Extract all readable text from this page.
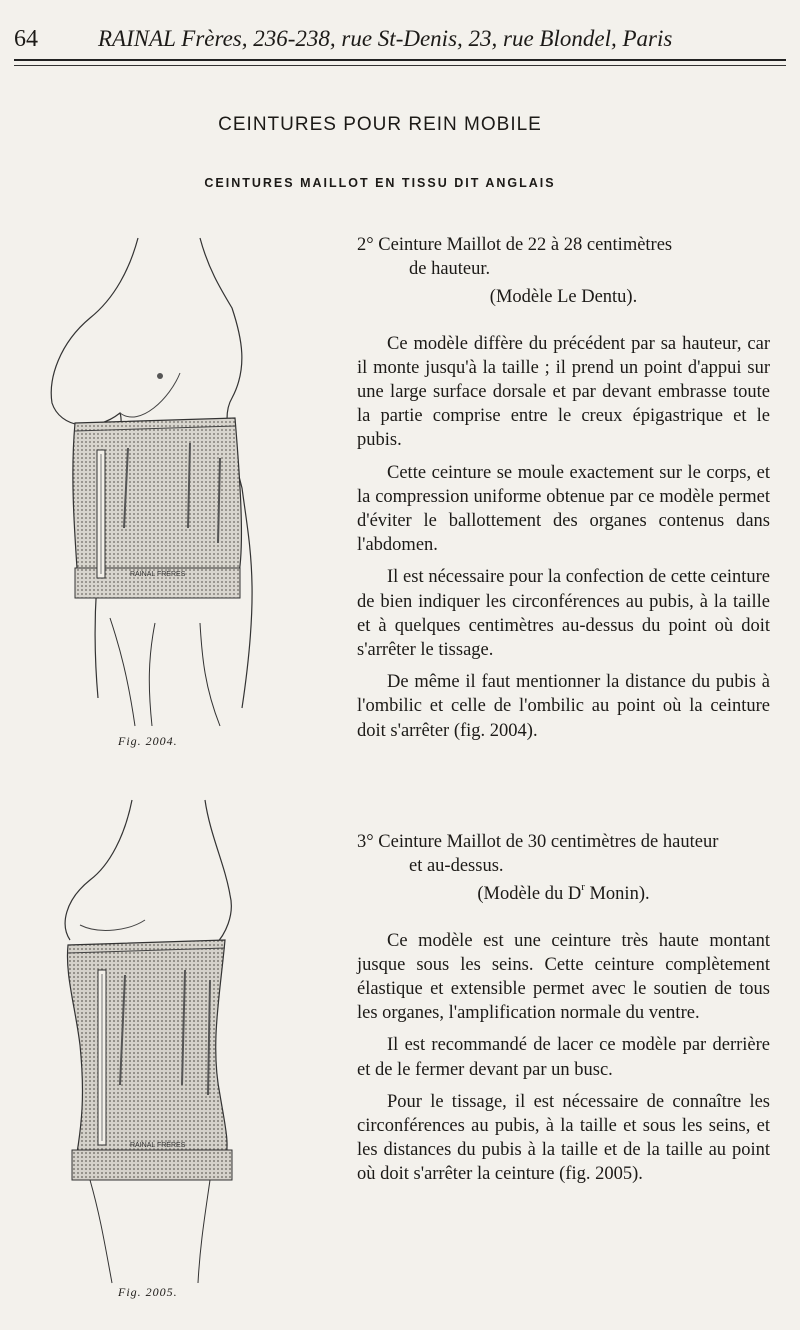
64	RAINAL Frères, 236-238, rue St-Denis, 23, rue Blondel, Paris
CEINTURES POUR REIN MOBILE
CEINTURES MAILLOT EN TISSU DIT ANGLAIS
RAINAL FRÈRES
Fig. 2004.
RAINAL FRÈRES
Fig. 2005.
2° Ceinture Maillot de 22 à 28 centimètres
de hauteur.
(Modèle Le Dentu).

Ce modèle diffère du précédent par sa hauteur, car il monte jusqu'à la taille ; il prend un point d'appui sur une large surface dorsale et par devant embrasse toute la partie comprise entre le creux épigastrique et le pubis.

Cette ceinture se moule exactement sur le corps, et la compression uniforme obtenue par ce modèle permet d'éviter le ballottement des organes contenus dans l'abdomen.

Il est nécessaire pour la confection de cette ceinture de bien indiquer les circonférences au pubis, à la taille et à quelques centimètres au-dessus du point où doit s'arrêter le tissage.

De même il faut mentionner la distance du pubis à l'ombilic et celle de l'ombilic au point où la ceinture doit s'arrêter (fig. 2004).

3° Ceinture Maillot de 30 centimètres de hauteur
et au-dessus.
(Modèle du $D^r$ Monin).

Ce modèle est une ceinture très haute montant jusque sous les seins. Cette ceinture complètement élastique et extensible permet avec le soutien de tous les organes, l'amplification normale du ventre.

Il est recommandé de lacer ce modèle par derrière et de le fermer devant par un busc.

Pour le tissage, il est nécessaire de connaître les circonférences au pubis, à la taille et sous les seins, et les distances du pubis à la taille et de la taille au point où doit s'arrêter la ceinture (fig. 2005).
